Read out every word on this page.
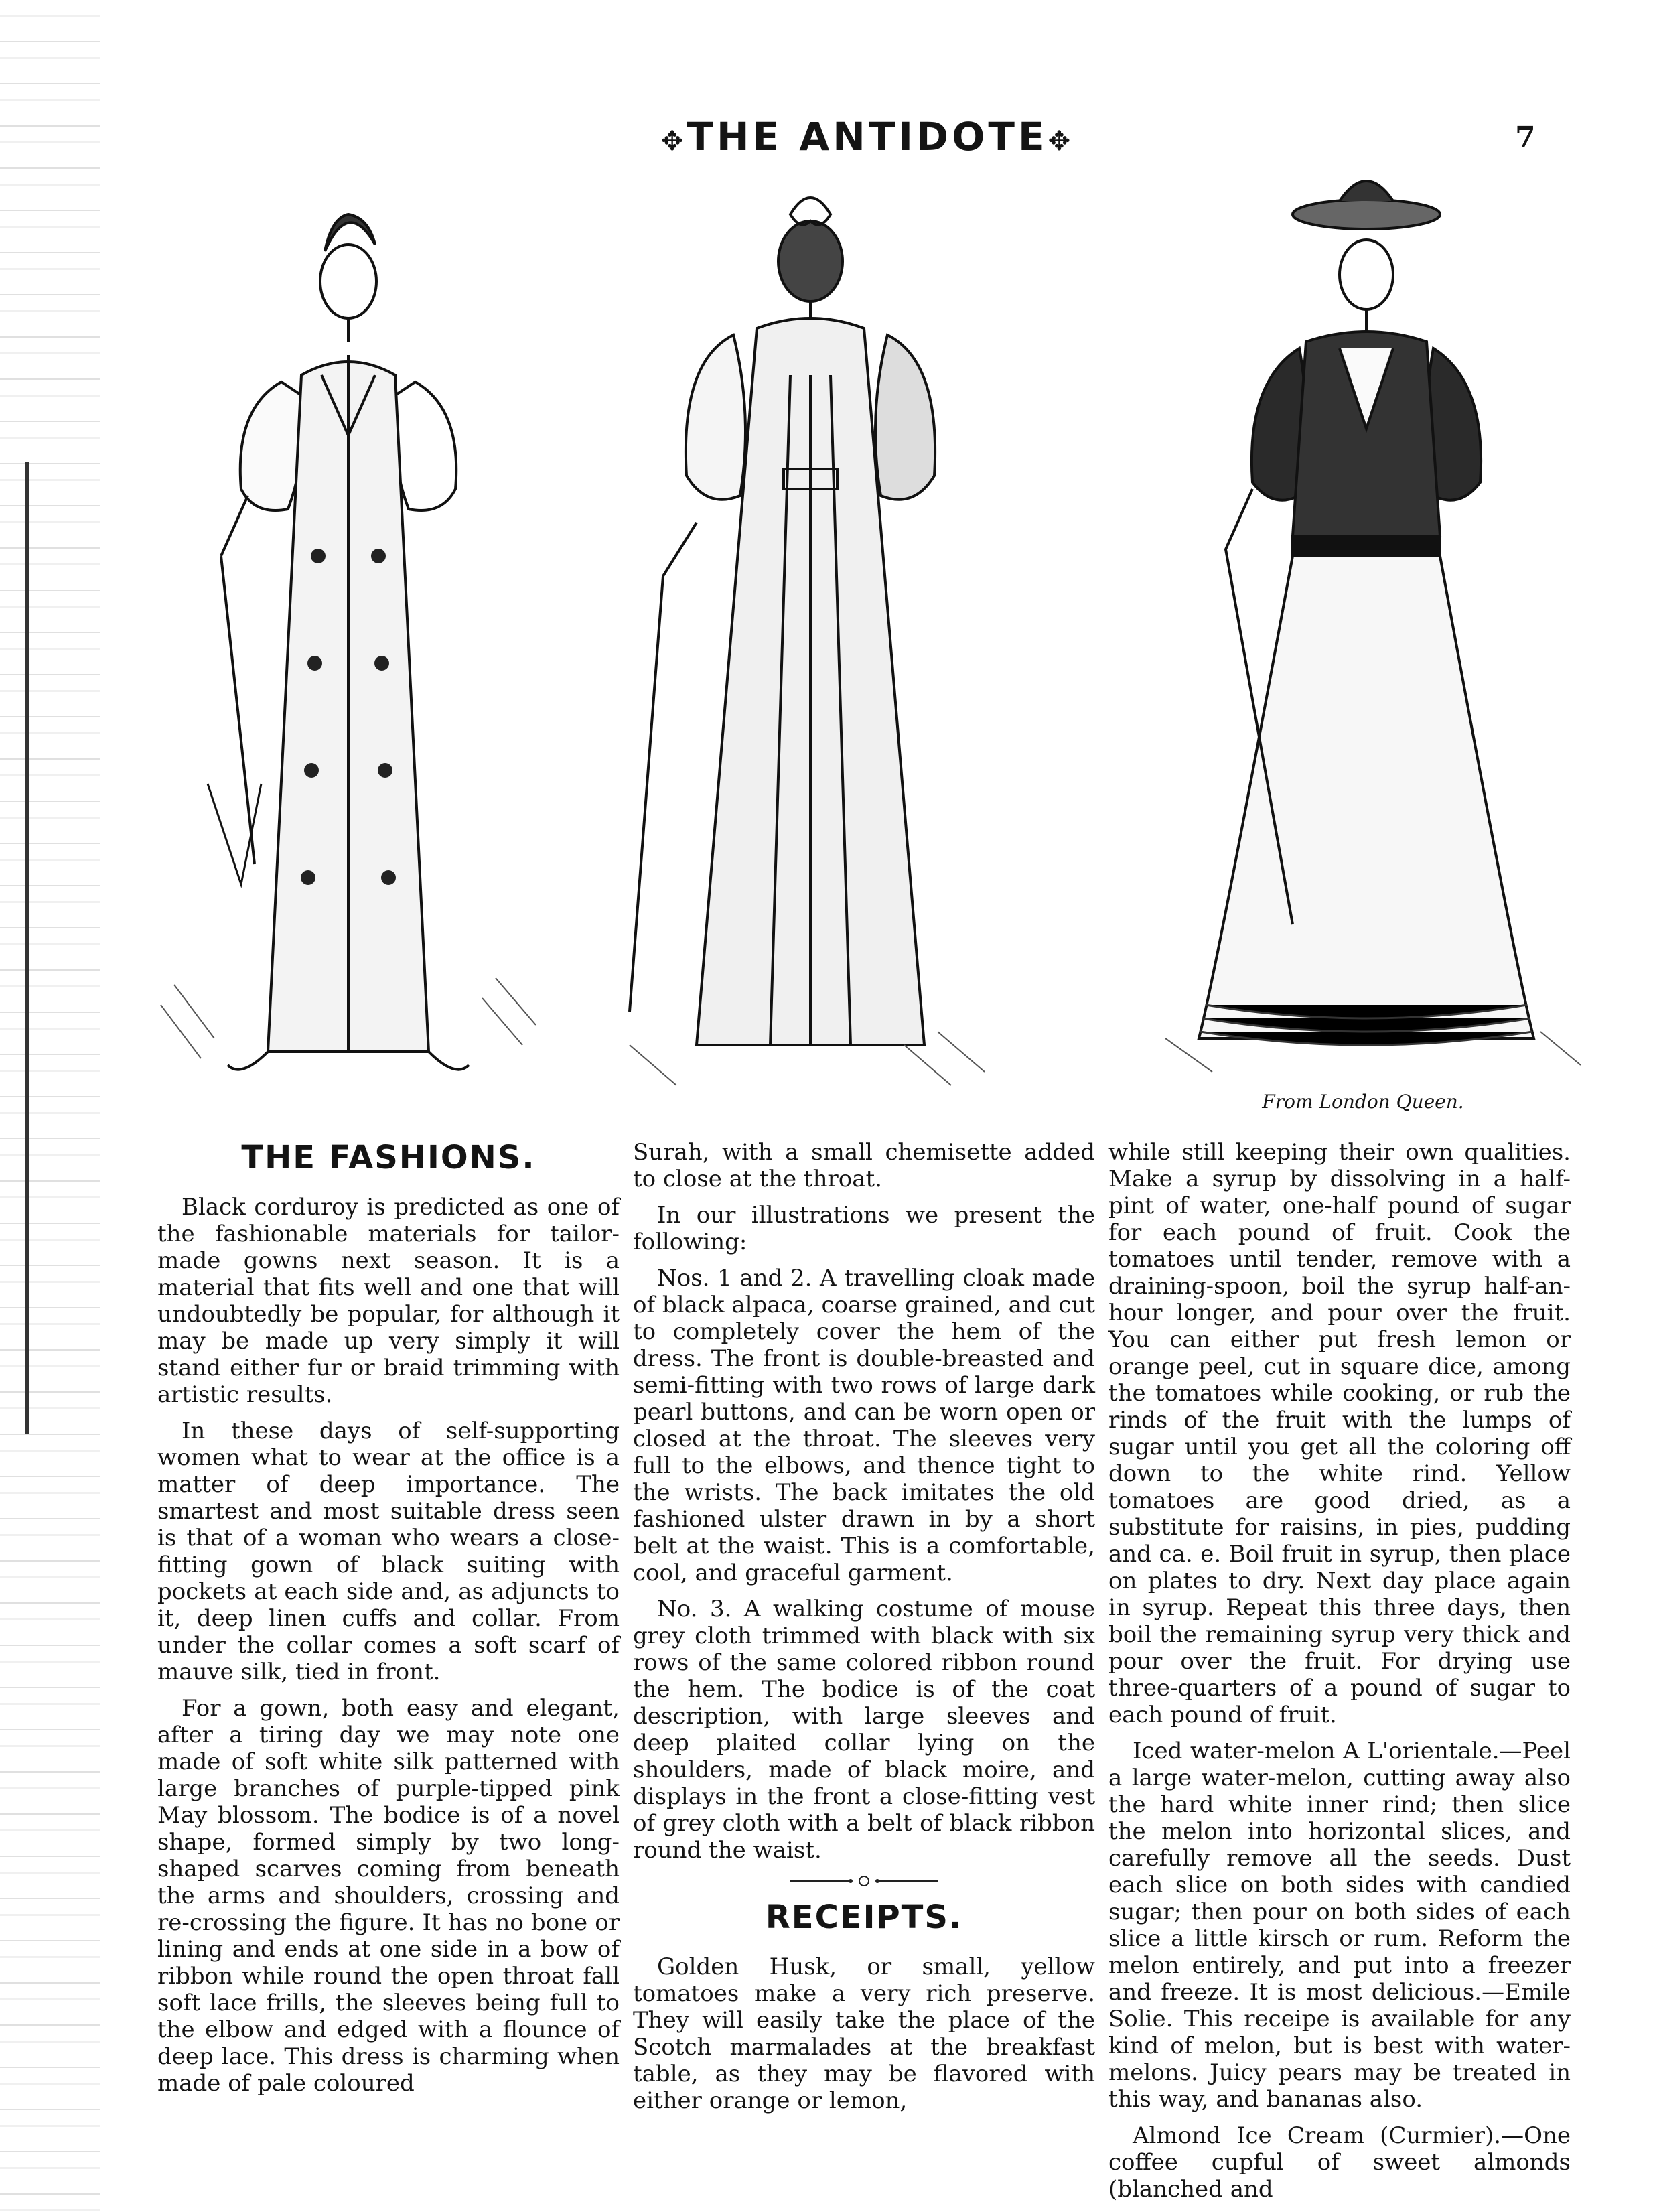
✥THE ANTIDOTE✥	7
From London Queen.
THE FASHIONS.

Black corduroy is predicted as one of the fashionable materials for tailor-made gowns next season. It is a material that fits well and one that will undoubtedly be popular, for although it may be made up very simply it will stand either fur or braid trimming with artistic results.

In these days of self-supporting women what to wear at the office is a matter of deep importance. The smartest and most suitable dress seen is that of a woman who wears a close-fitting gown of black suiting with pockets at each side and, as adjuncts to it, deep linen cuffs and collar. From under the collar comes a soft scarf of mauve silk, tied in front.

For a gown, both easy and elegant, after a tiring day we may note one made of soft white silk patterned with large branches of purple-tipped pink May blossom. The bodice is of a novel shape, formed simply by two long-shaped scarves coming from beneath the arms and shoulders, crossing and re-crossing the figure. It has no bone or lining and ends at one side in a bow of ribbon while round the open throat fall soft lace frills, the sleeves being full to the elbow and edged with a flounce of deep lace. This dress is charming when made of pale coloured

Surah, with a small chemisette added to close at the throat.

In our illustrations we present the following:

Nos. 1 and 2. A travelling cloak made of black alpaca, coarse grained, and cut to completely cover the hem of the dress. The front is double-breasted and semi-fitting with two rows of large dark pearl buttons, and can be worn open or closed at the throat. The sleeves very full to the elbows, and thence tight to the wrists. The back imitates the old fashioned ulster drawn in by a short belt at the waist. This is a comfortable, cool, and graceful garment.

No. 3. A walking costume of mouse grey cloth trimmed with black with six rows of the same colored ribbon round the hem. The bodice is of the coat description, with large sleeves and deep plaited collar lying on the shoulders, made of black moire, and displays in the front a close-fitting vest of grey cloth with a belt of black ribbon round the waist.

RECEIPTS.

Golden Husk, or small, yellow tomatoes make a very rich preserve. They will easily take the place of the Scotch marmalades at the breakfast table, as they may be flavored with either orange or lemon,

while still keeping their own qualities. Make a syrup by dissolving in a half-pint of water, one-half pound of sugar for each pound of fruit. Cook the tomatoes until tender, remove with a draining-spoon, boil the syrup half-an-hour longer, and pour over the fruit. You can either put fresh lemon or orange peel, cut in square dice, among the tomatoes while cooking, or rub the rinds of the fruit with the lumps of sugar until you get all the coloring off down to the white rind. Yellow tomatoes are good dried, as a substitute for raisins, in pies, pudding and ca. e. Boil fruit in syrup, then place on plates to dry. Next day place again in syrup. Repeat this three days, then boil the remaining syrup very thick and pour over the fruit. For drying use three-quarters of a pound of sugar to each pound of fruit.

Iced water-melon A L'orientale.—Peel a large water-melon, cutting away also the hard white inner rind; then slice the melon into horizontal slices, and carefully remove all the seeds. Dust each slice on both sides with candied sugar; then pour on both sides of each slice a little kirsch or rum. Reform the melon entirely, and put into a freezer and freeze. It is most delicious.—Emile Solie. This receipe is available for any kind of melon, but is best with water-melons. Juicy pears may be treated in this way, and bananas also.

Almond Ice Cream (Curmier).—One coffee cupful of sweet almonds (blanched and
